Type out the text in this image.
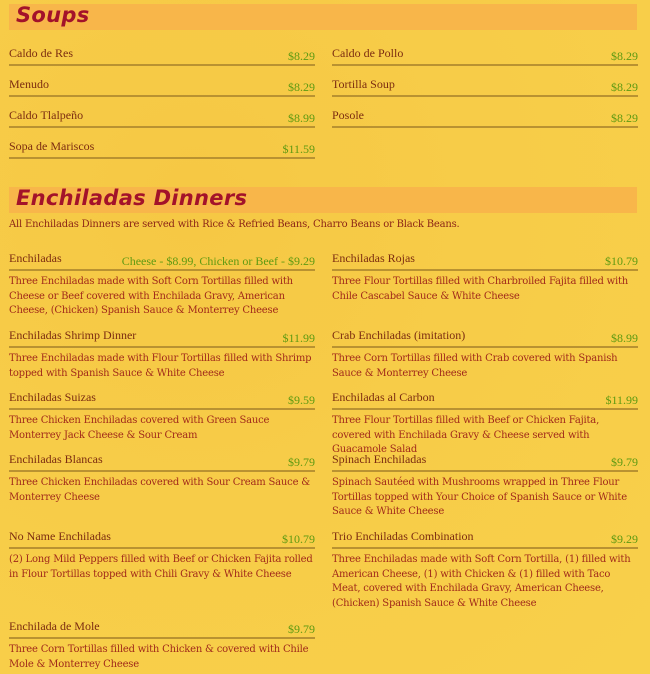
Soups
Caldo de Res	$8.29 Caldo de Pollo	$8.29
Menudo	$8.29 Tortilla Soup	$8.29
Caldo Tlalpeño	$8.99 Posole	$8.29
Sopa de Mariscos	$11.59
Enchiladas Dinners
All Enchiladas Dinners are served with Rice & Refried Beans, Charro Beans or Black Beans.
Enchiladas	Cheese - $8.99, Chicken or Beef - $9.29
Three Enchiladas made with Soft Corn Tortillas filled with Cheese or Beef covered with Enchilada Gravy, American Cheese, (Chicken) Spanish Sauce & Monterrey Cheese
Enchiladas Rojas	$10.79
Three Flour Tortillas filled with Charbroiled Fajita filled with Chile Cascabel Sauce & White Cheese
Enchiladas Shrimp Dinner	$11.99
Three Enchiladas made with Flour Tortillas filled with Shrimp topped with Spanish Sauce & White Cheese
Crab Enchiladas (imitation)	$8.99
Three Corn Tortillas filled with Crab covered with Spanish Sauce & Monterrey Cheese
Enchiladas Suizas	$9.59
Three Chicken Enchiladas covered with Green Sauce Monterrey Jack Cheese & Sour Cream
Enchiladas al Carbon	$11.99
Three Flour Tortillas filled with Beef or Chicken Fajita, covered with Enchilada Gravy & Cheese served with Guacamole Salad
Enchiladas Blancas	$9.79
Three Chicken Enchiladas covered with Sour Cream Sauce & Monterrey Cheese
Spinach Enchiladas	$9.79
Spinach Sautéed with Mushrooms wrapped in Three Flour Tortillas topped with Your Choice of Spanish Sauce or White Sauce & White Cheese
No Name Enchiladas	$10.79
(2) Long Mild Peppers filled with Beef or Chicken Fajita rolled in Flour Tortillas topped with Chili Gravy & White Cheese
Trio Enchiladas Combination	$9.29
Three Enchiladas made with Soft Corn Tortilla, (1) filled with American Cheese, (1) with Chicken & (1) filled with Taco Meat, covered with Enchilada Gravy, American Cheese, (Chicken) Spanish Sauce & White Cheese
Enchilada de Mole	$9.79
Three Corn Tortillas filled with Chicken & covered with Chile Mole & Monterrey Cheese
